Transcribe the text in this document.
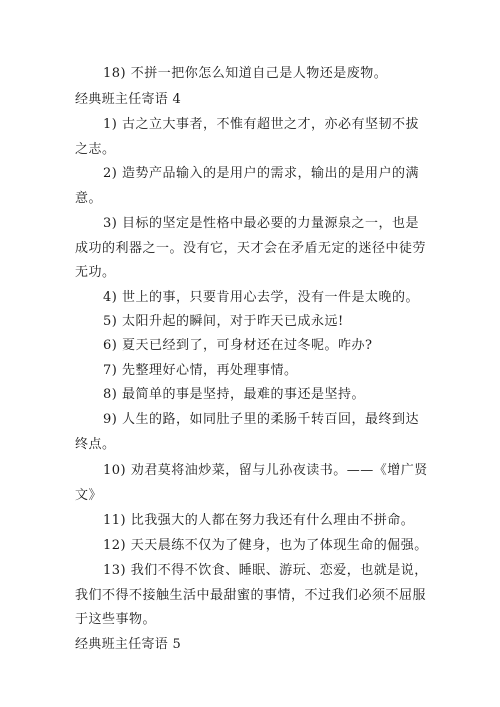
18) 不拼一把你怎么知道自己是人物还是废物。
经典班主任寄语 4
1) 古之立大事者，不惟有超世之才，亦必有坚韧不拔
之志。
2) 造势产品输入的是用户的需求，输出的是用户的满
意。
3) 目标的坚定是性格中最必要的力量源泉之一，也是
成功的利器之一。没有它，天才会在矛盾无定的迷径中徒劳
无功。
4) 世上的事，只要肯用心去学，没有一件是太晚的。
5) 太阳升起的瞬间，对于昨天已成永远!
6) 夏天已经到了，可身材还在过冬呢。咋办?
7) 先整理好心情，再处理事情。
8) 最简单的事是坚持，最难的事还是坚持。
9) 人生的路，如同肚子里的柔肠千转百回，最终到达
终点。
10) 劝君莫将油炒菜，留与儿孙夜读书。——《增广贤
文》
11) 比我强大的人都在努力我还有什么理由不拼命。
12) 天天晨练不仅为了健身，也为了体现生命的倔强。
13) 我们不得不饮食、睡眠、游玩、恋爱，也就是说，
我们不得不接触生活中最甜蜜的事情，不过我们必须不屈服
于这些事物。
经典班主任寄语 5
